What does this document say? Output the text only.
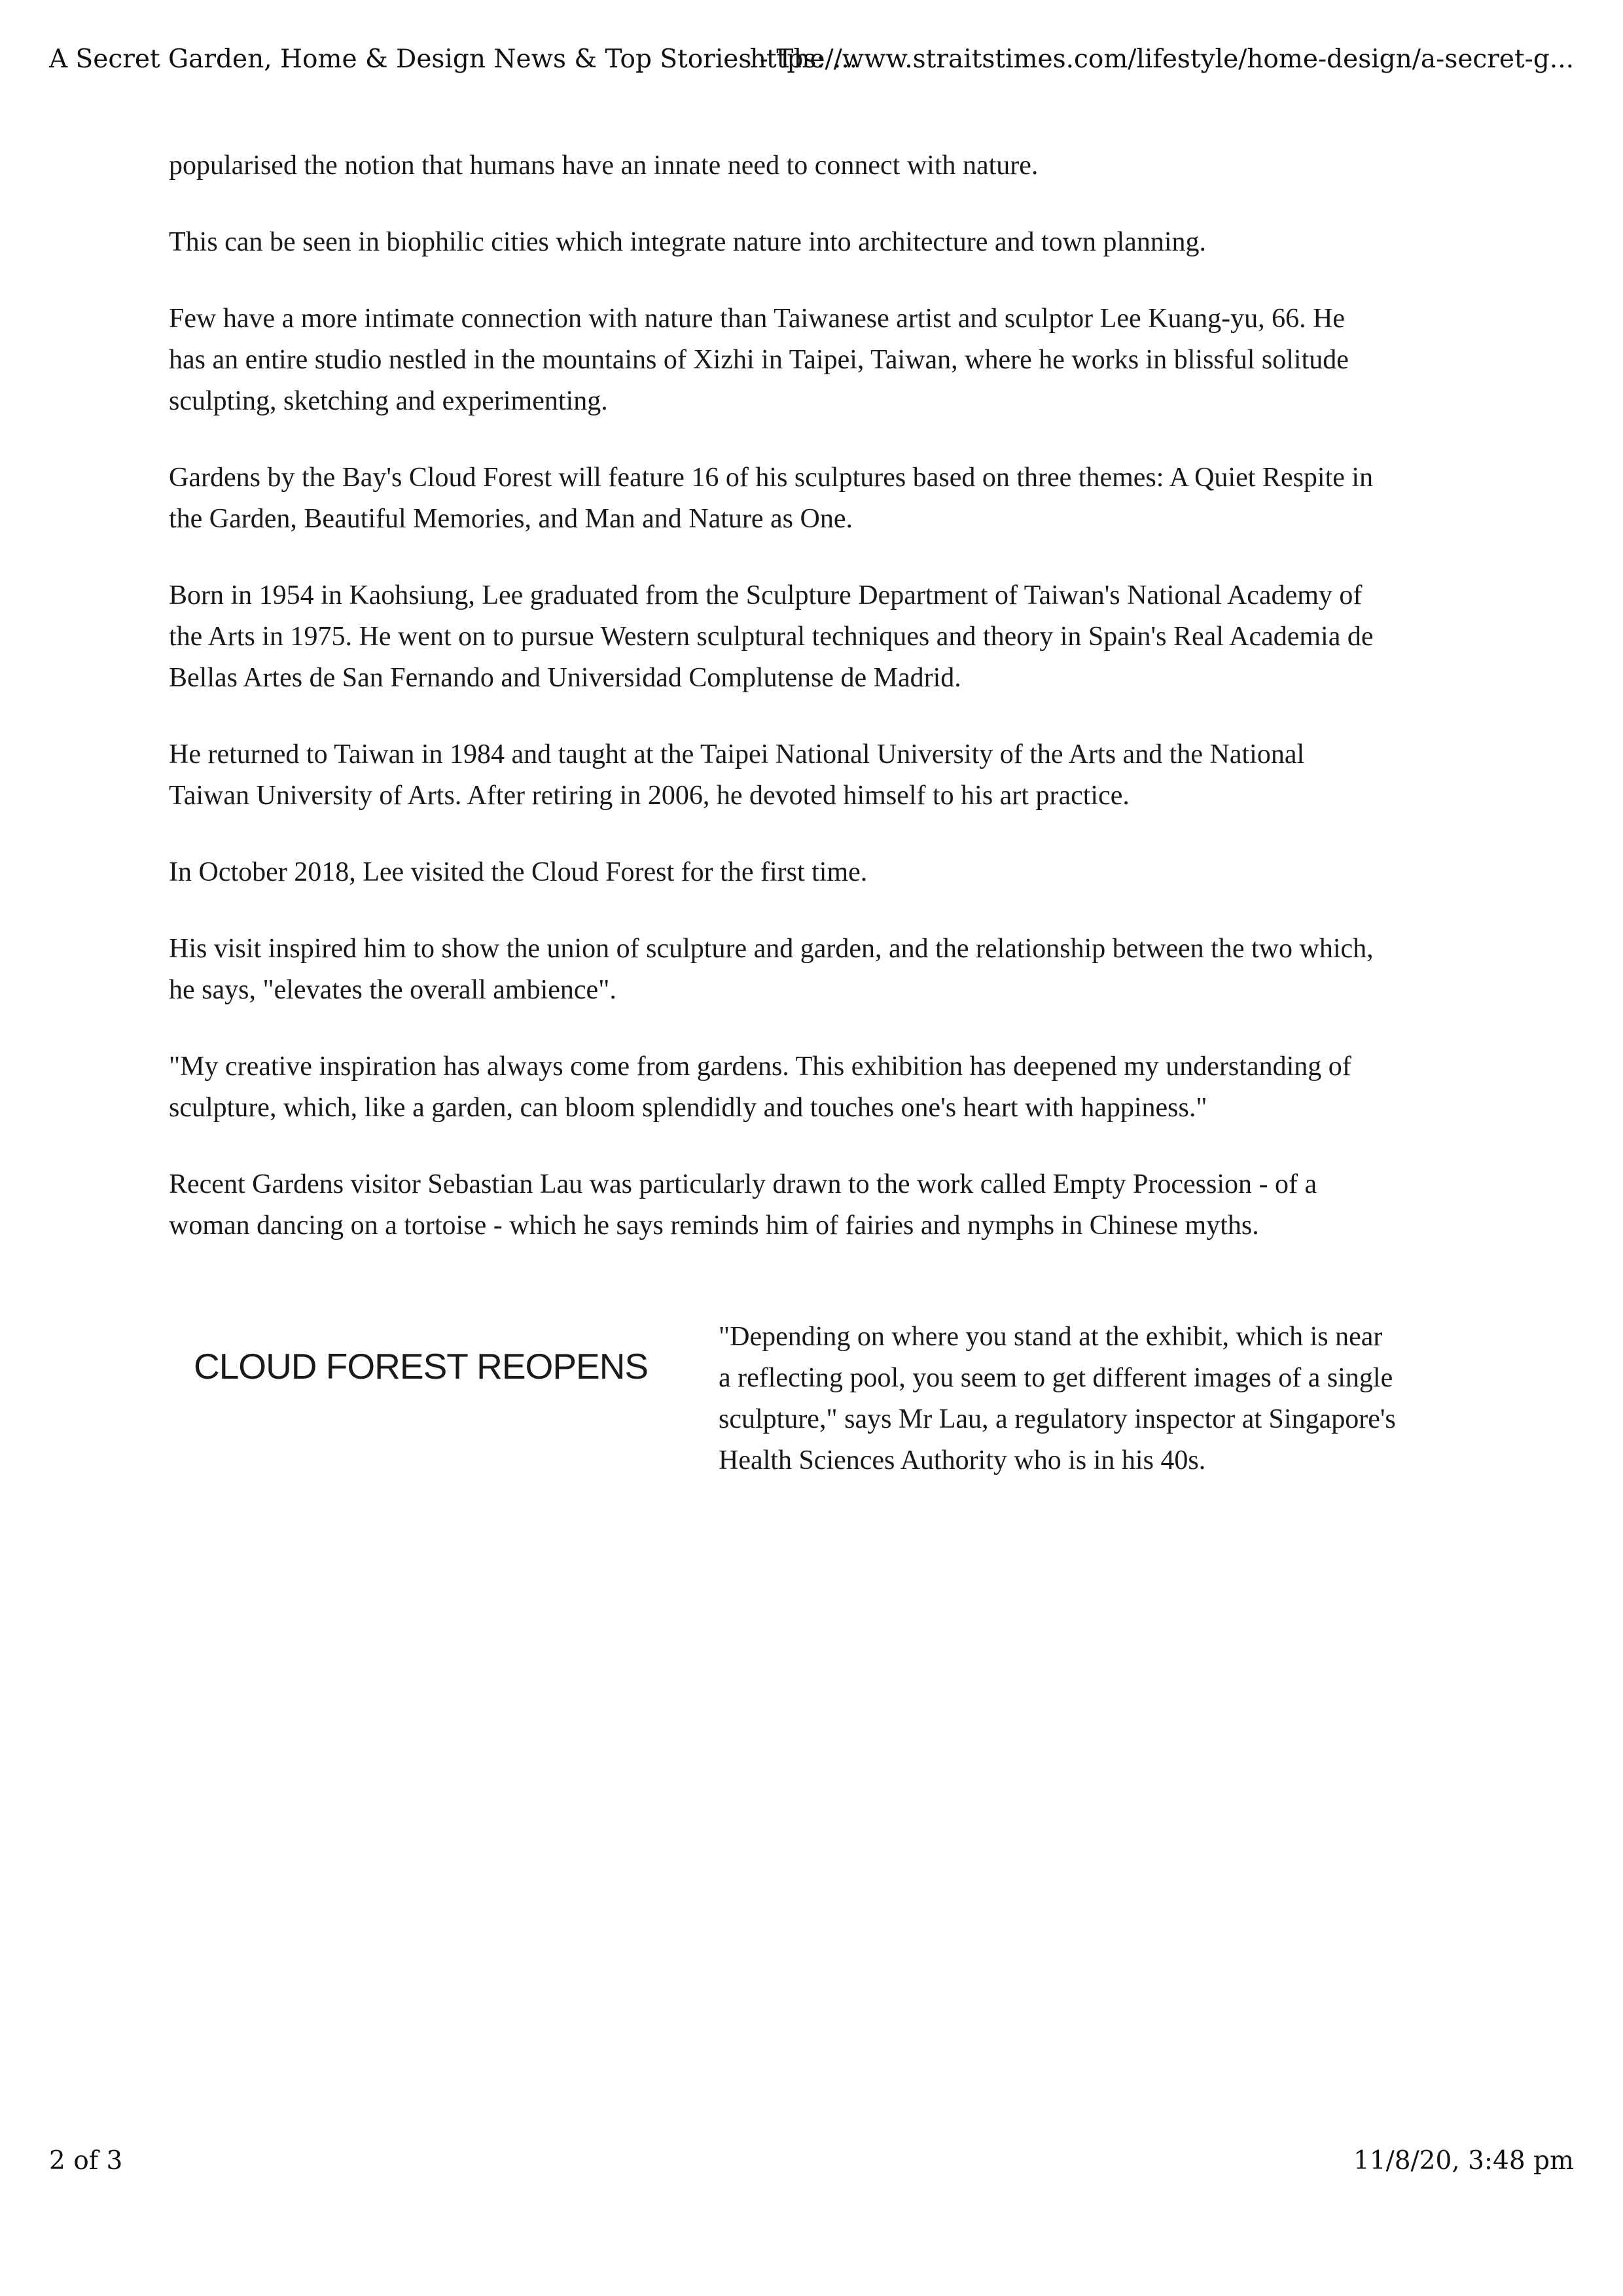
A Secret Garden, Home & Design News & Top Stories - The ...
https://www.straitstimes.com/lifestyle/home-design/a-secret-g...

popularised the notion that humans have an innate need to connect with nature.

This can be seen in biophilic cities which integrate nature into architecture and town planning.

Few have a more intimate connection with nature than Taiwanese artist and sculptor Lee Kuang-yu, 66. He has an entire studio nestled in the mountains of Xizhi in Taipei, Taiwan, where he works in blissful solitude sculpting, sketching and experimenting.

Gardens by the Bay's Cloud Forest will feature 16 of his sculptures based on three themes: A Quiet Respite in the Garden, Beautiful Memories, and Man and Nature as One.

Born in 1954 in Kaohsiung, Lee graduated from the Sculpture Department of Taiwan's National Academy of the Arts in 1975. He went on to pursue Western sculptural techniques and theory in Spain's Real Academia de Bellas Artes de San Fernando and Universidad Complutense de Madrid.

He returned to Taiwan in 1984 and taught at the Taipei National University of the Arts and the National Taiwan University of Arts. After retiring in 2006, he devoted himself to his art practice.

In October 2018, Lee visited the Cloud Forest for the first time.

His visit inspired him to show the union of sculpture and garden, and the relationship between the two which, he says, "elevates the overall ambience".

"My creative inspiration has always come from gardens. This exhibition has deepened my understanding of sculpture, which, like a garden, can bloom splendidly and touches one's heart with happiness."

Recent Gardens visitor Sebastian Lau was particularly drawn to the work called Empty Procession - of a woman dancing on a tortoise - which he says reminds him of fairies and nymphs in Chinese myths.

CLOUD FOREST REOPENS

"Depending on where you stand at the exhibit, which is near a reflecting pool, you seem to get different images of a single sculpture," says Mr Lau, a regulatory inspector at Singapore's Health Sciences Authority who is in his 40s.

2 of 3	11/8/20, 3:48 pm
